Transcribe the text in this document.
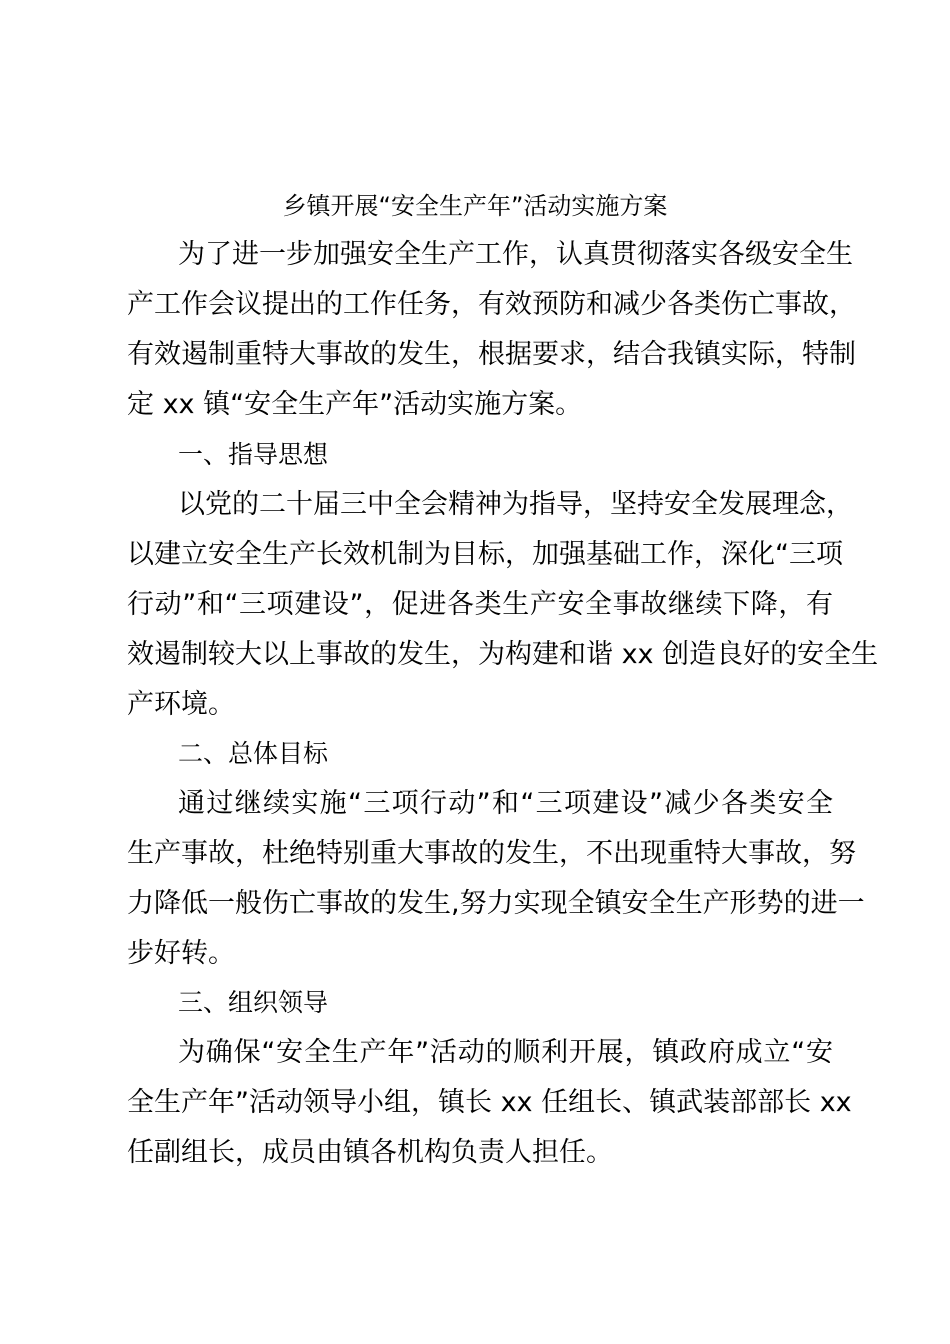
乡镇开展“安全生产年”活动实施方案
为了进一步加强安全生产工作，认真贯彻落实各级安全生
产工作会议提出的工作任务，有效预防和减少各类伤亡事故，
有效遏制重特大事故的发生，根据要求，结合我镇实际，特制
定 xx 镇“安全生产年”活动实施方案。
一、指导思想
以党的二十届三中全会精神为指导，坚持安全发展理念，
以建立安全生产长效机制为目标，加强基础工作，深化“三项
行动”和“三项建设”，促进各类生产安全事故继续下降，有
效遏制较大以上事故的发生，为构建和谐 xx 创造良好的安全生
产环境。
二、总体目标
通过继续实施“三项行动”和“三项建设”减少各类安全
生产事故，杜绝特别重大事故的发生，不出现重特大事故，努
力降低一般伤亡事故的发生,努力实现全镇安全生产形势的进一
步好转。
三、组织领导
为确保“安全生产年”活动的顺利开展，镇政府成立“安
全生产年”活动领导小组，镇长 xx 任组长、镇武装部部长 xx
任副组长，成员由镇各机构负责人担任。
